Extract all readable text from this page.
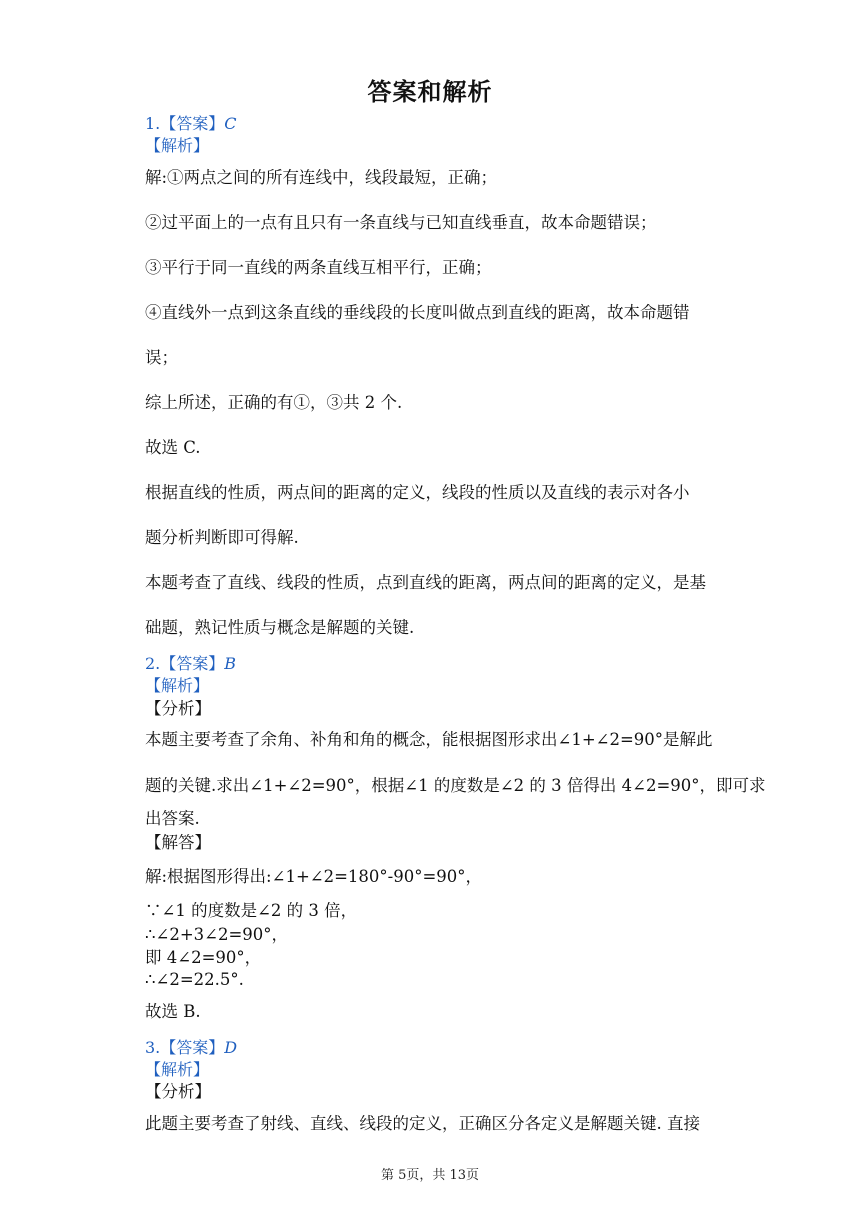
答案和解析
1.【答案】C
【解析】
解:①两点之间的所有连线中，线段最短，正确；
②过平面上的一点有且只有一条直线与已知直线垂直，故本命题错误；
③平行于同一直线的两条直线互相平行，正确；
④直线外一点到这条直线的垂线段的长度叫做点到直线的距离，故本命题错
误；
综上所述，正确的有①，③共 2 个.
故选 C.
根据直线的性质，两点间的距离的定义，线段的性质以及直线的表示对各小
题分析判断即可得解.
本题考查了直线、线段的性质，点到直线的距离，两点间的距离的定义，是基
础题，熟记性质与概念是解题的关键.
2.【答案】B
【解析】
【分析】
本题主要考查了余角、补角和角的概念，能根据图形求出∠1+∠2=90°是解此
题的关键.求出∠1+∠2=90°，根据∠1 的度数是∠2 的 3 倍得出 4∠2=90°，即可求
出答案.
【解答】
解:根据图形得出:∠1+∠2=180°-90°=90°，
∵∠1 的度数是∠2 的 3 倍，
∴∠2+3∠2=90°，
即 4∠2=90°，
∴∠2=22.5°.
故选 B.
3.【答案】D
【解析】
【分析】
此题主要考查了射线、直线、线段的定义，正确区分各定义是解题关键. 直接
第 5页，共 13页
